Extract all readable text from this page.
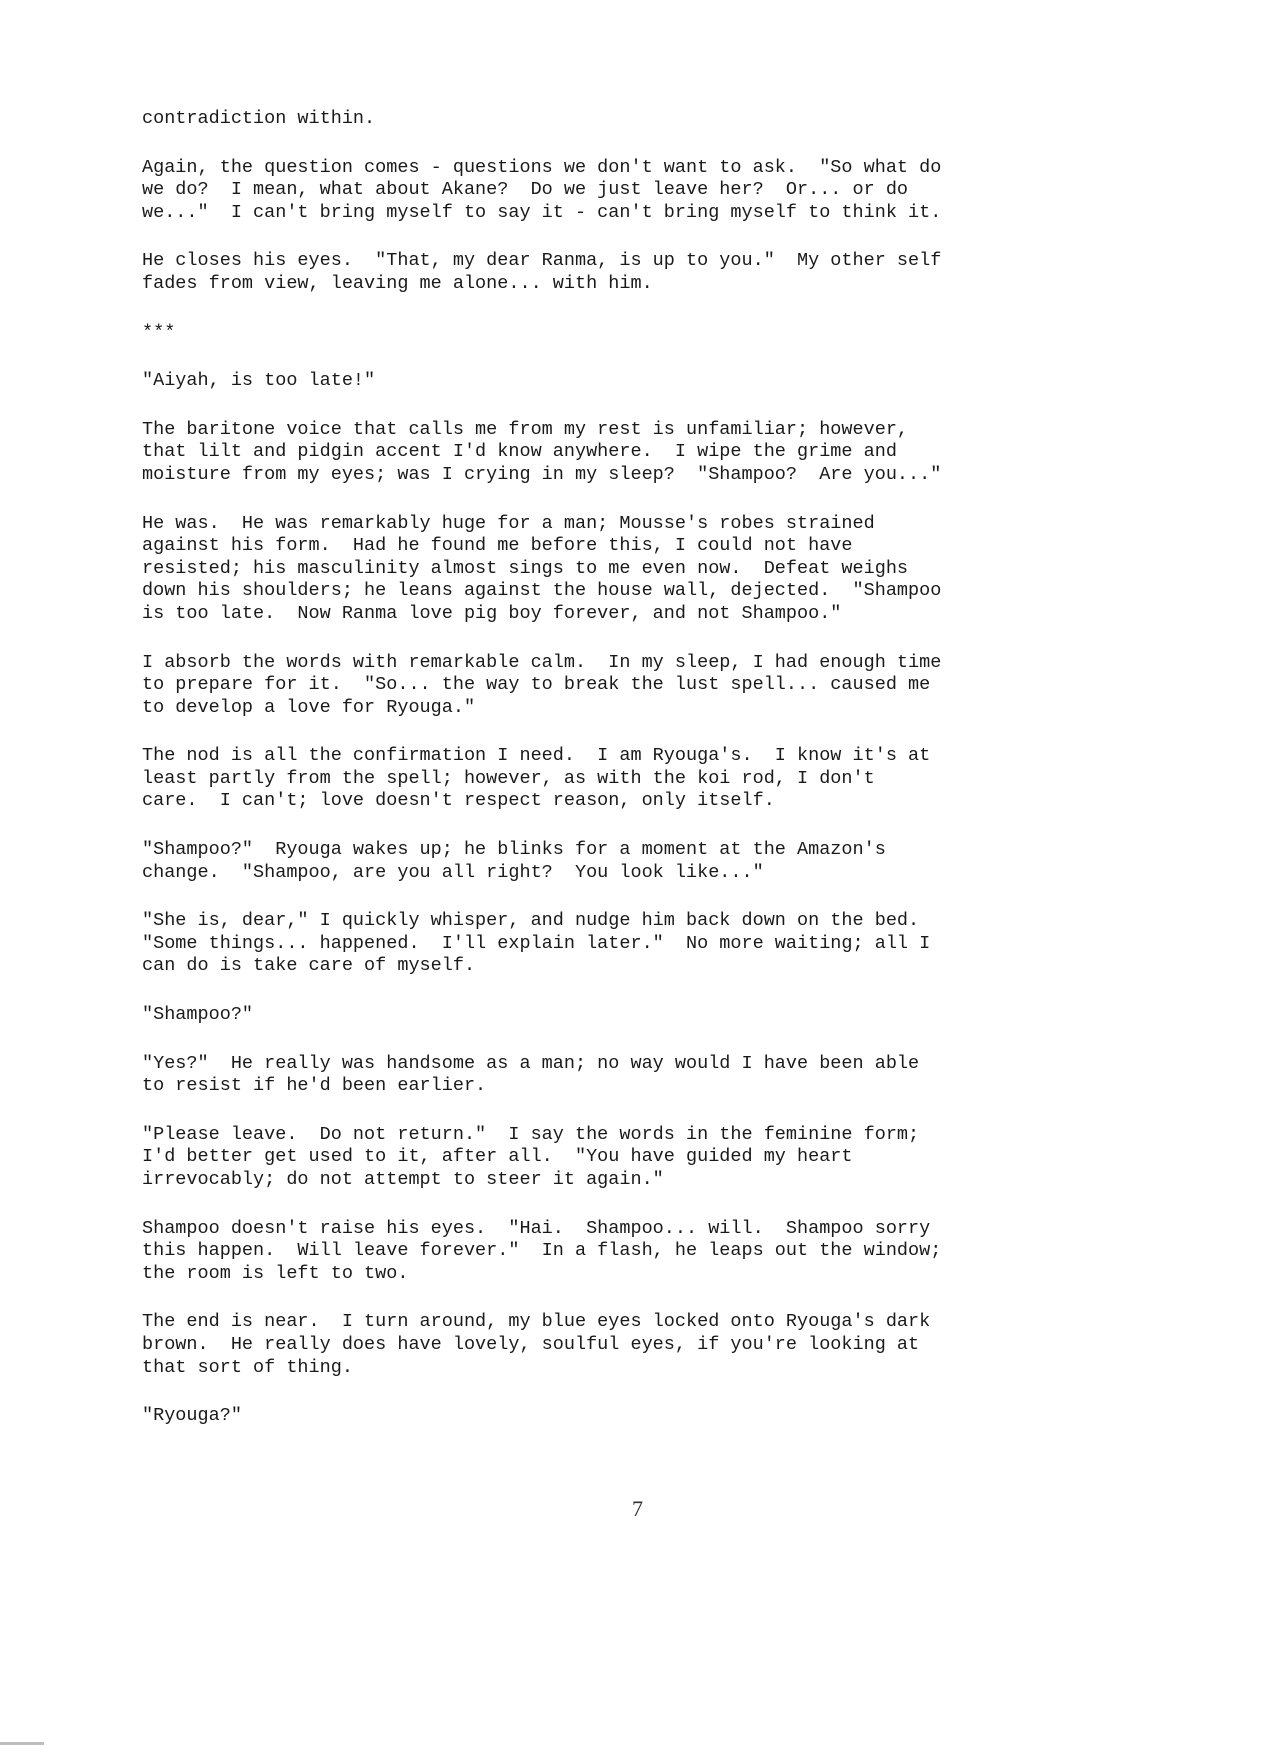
contradiction within.

Again, the question comes - questions we don't want to ask.  "So what do
we do?  I mean, what about Akane?  Do we just leave her?  Or... or do
we..."  I can't bring myself to say it - can't bring myself to think it.

He closes his eyes.  "That, my dear Ranma, is up to you."  My other self
fades from view, leaving me alone... with him.

***

"Aiyah, is too late!"

The baritone voice that calls me from my rest is unfamiliar; however,
that lilt and pidgin accent I'd know anywhere.  I wipe the grime and
moisture from my eyes; was I crying in my sleep?  "Shampoo?  Are you..."

He was.  He was remarkably huge for a man; Mousse's robes strained
against his form.  Had he found me before this, I could not have
resisted; his masculinity almost sings to me even now.  Defeat weighs
down his shoulders; he leans against the house wall, dejected.  "Shampoo
is too late.  Now Ranma love pig boy forever, and not Shampoo."

I absorb the words with remarkable calm.  In my sleep, I had enough time
to prepare for it.  "So... the way to break the lust spell... caused me
to develop a love for Ryouga."

The nod is all the confirmation I need.  I am Ryouga's.  I know it's at
least partly from the spell; however, as with the koi rod, I don't
care.  I can't; love doesn't respect reason, only itself.

"Shampoo?"  Ryouga wakes up; he blinks for a moment at the Amazon's
change.  "Shampoo, are you all right?  You look like..."

"She is, dear," I quickly whisper, and nudge him back down on the bed.
"Some things... happened.  I'll explain later."  No more waiting; all I
can do is take care of myself.

"Shampoo?"

"Yes?"  He really was handsome as a man; no way would I have been able
to resist if he'd been earlier.

"Please leave.  Do not return."  I say the words in the feminine form;
I'd better get used to it, after all.  "You have guided my heart
irrevocably; do not attempt to steer it again."

Shampoo doesn't raise his eyes.  "Hai.  Shampoo... will.  Shampoo sorry
this happen.  Will leave forever."  In a flash, he leaps out the window;
the room is left to two.

The end is near.  I turn around, my blue eyes locked onto Ryouga's dark
brown.  He really does have lovely, soulful eyes, if you're looking at
that sort of thing.

"Ryouga?"

7
